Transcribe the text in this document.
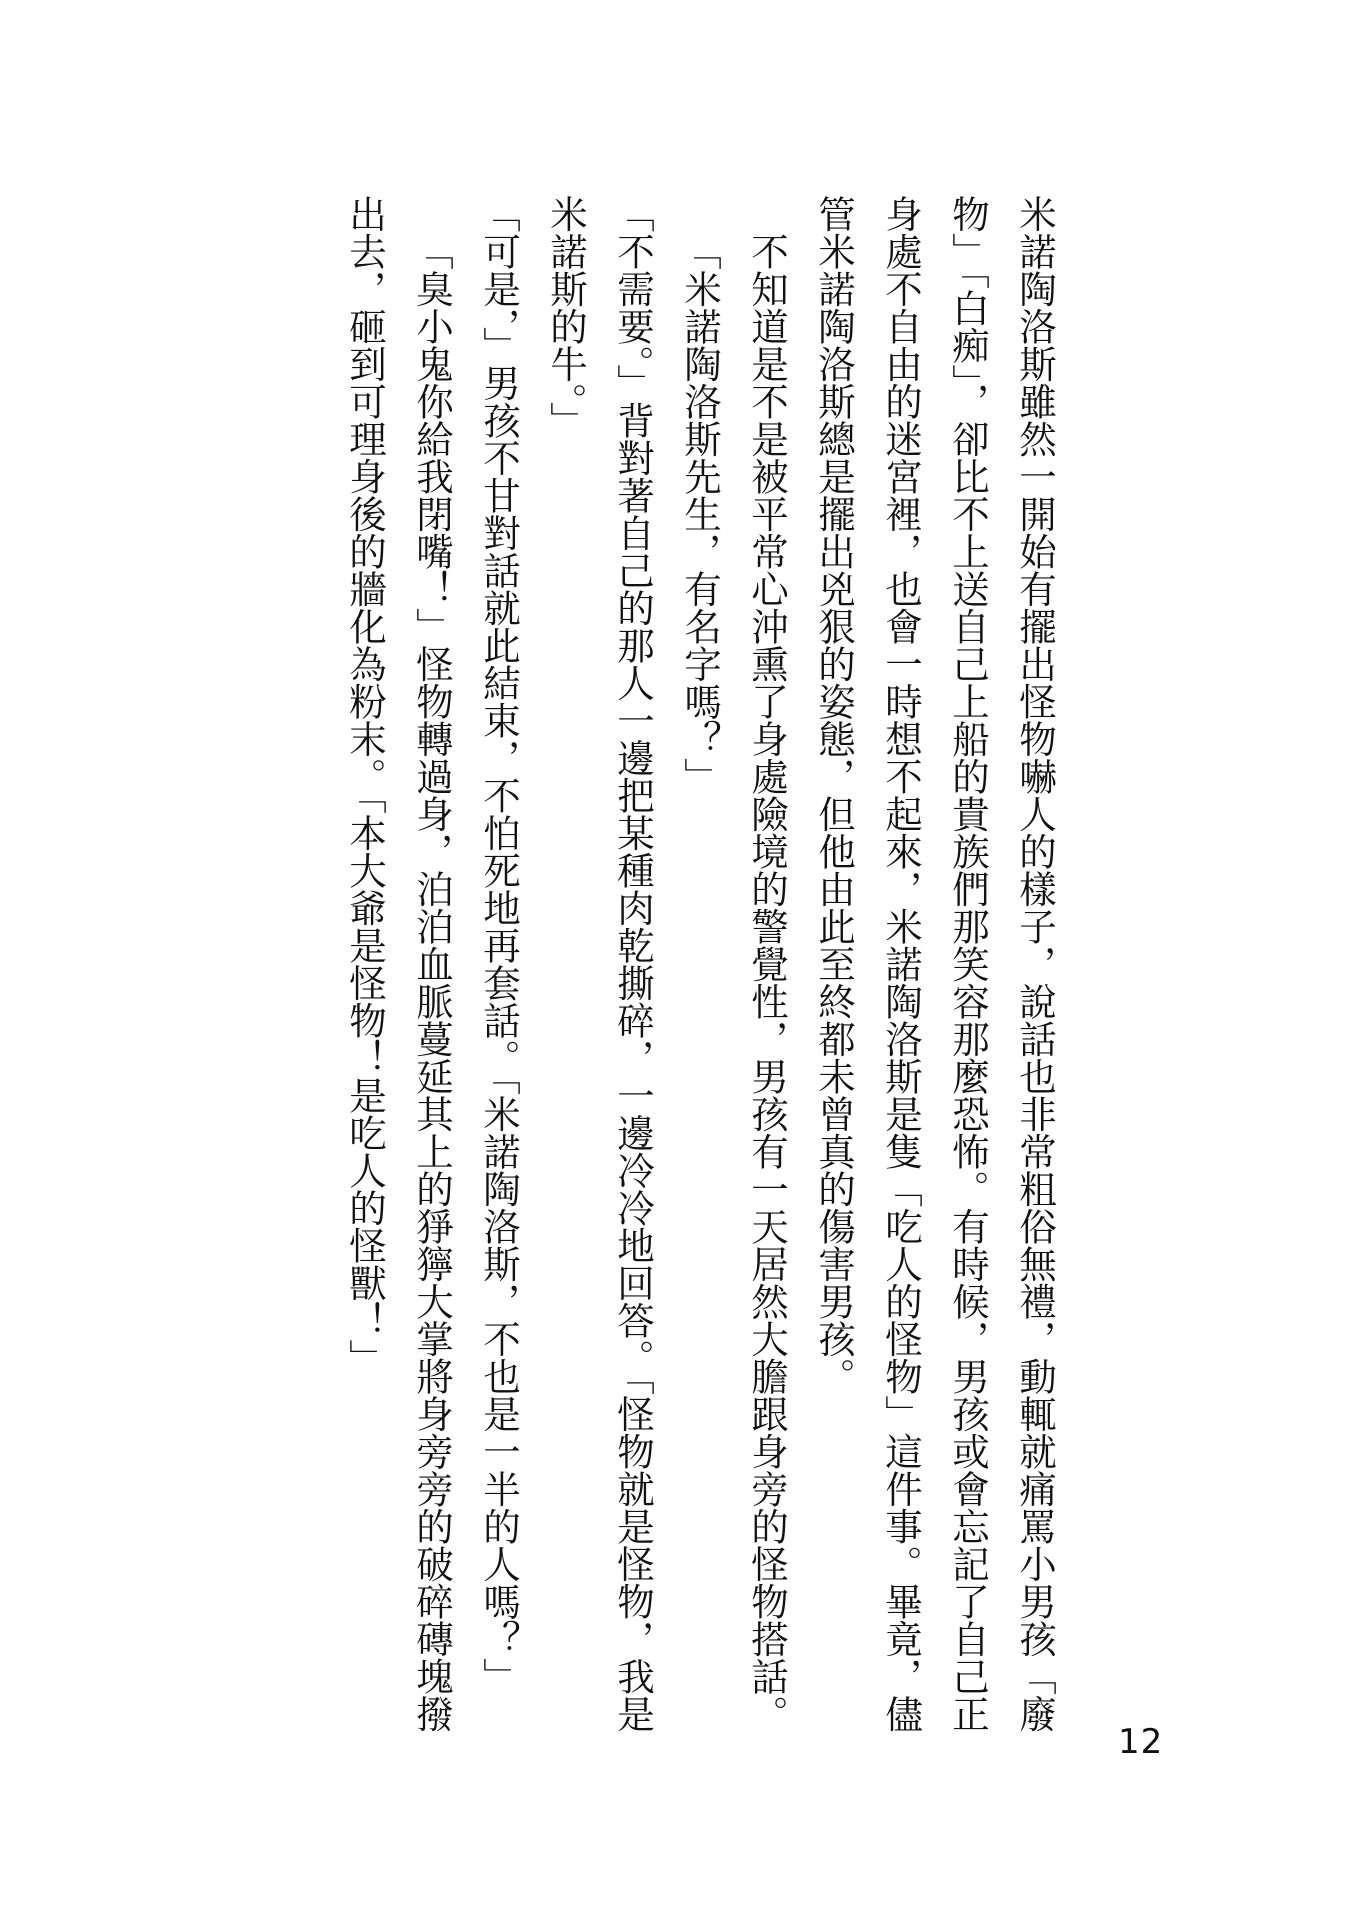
米諾陶洛斯雖然一開始有擺出怪物嚇人的樣子，說話也非常粗俗無禮，動輒就痛罵小男孩「廢物」「白痴」，卻比不上送自己上船的貴族們那笑容那麼恐怖。有時候，男孩或會忘記了自己正身處不自由的迷宮裡，也會一時想不起來，米諾陶洛斯是隻「吃人的怪物」這件事。畢竟，儘管米諾陶洛斯總是擺出兇狠的姿態，但他由此至終都未曾真的傷害男孩。

不知道是不是被平常心沖熏了身處險境的警覺性，男孩有一天居然大膽跟身旁的怪物搭話。

「米諾陶洛斯先生，有名字嗎？」

「不需要。」背對著自己的那人一邊把某種肉乾撕碎，一邊冷冷地回答。「怪物就是怪物，我是米諾斯的牛。」

「可是，」男孩不甘對話就此結束，不怕死地再套話。「米諾陶洛斯，不也是一半的人嗎？」

「臭小鬼你給我閉嘴！」怪物轉過身，泊泊血脈蔓延其上的猙獰大掌將身旁旁的破碎磚塊撥出去，砸到可理身後的牆化為粉末。「本大爺是怪物！是吃人的怪獸！」

12
